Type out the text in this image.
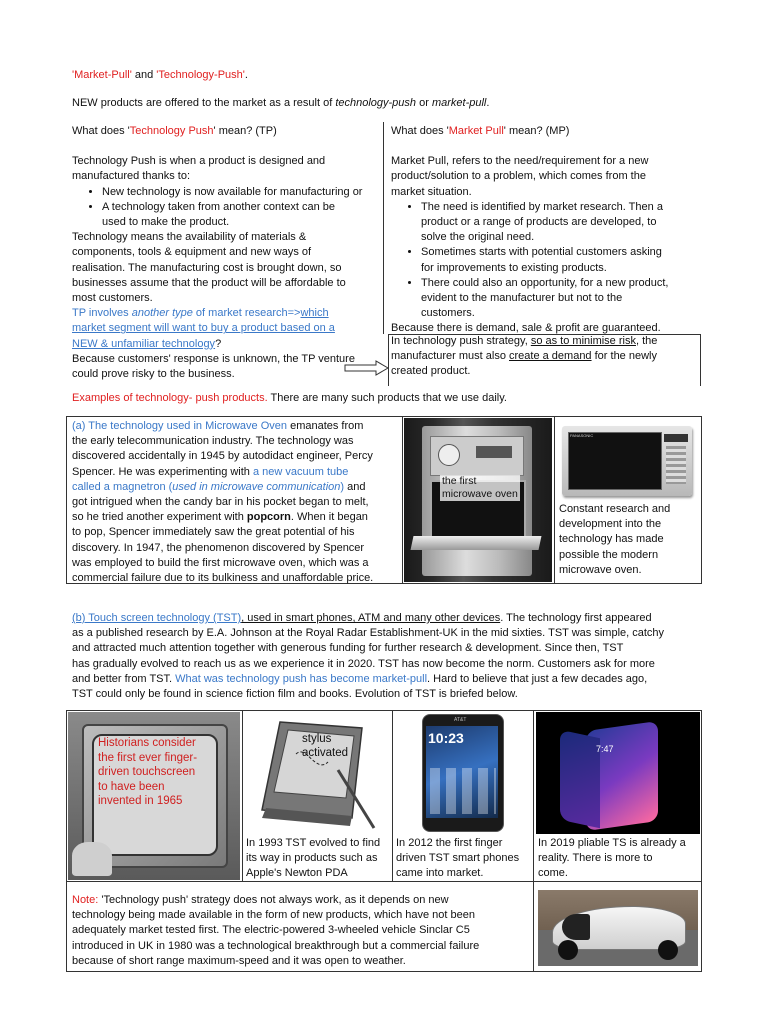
'Market-Pull' and 'Technology-Push'.
NEW products are offered to the market as a result of technology-push or market-pull.

What does 'Technology Push' mean? (TP)

Technology Push is when a product is designed and

manufactured thanks to:

• New technology is now available for manufacturing or
• A technology taken from another context can be
used to make the product.

Technology means the availability of materials &

components, tools & equipment and new ways of

realisation. The manufacturing cost is brought down, so

businesses assume that the product will be affordable to

most customers.

TP involves another type of market research=>which

market segment will want to buy a product based on a

NEW & unfamiliar technology?

Because customers' response is unknown, the TP venture

could prove risky to the business.

What does 'Market Pull' mean? (MP)

Market Pull, refers to the need/requirement for a new

product/solution to a problem, which comes from the

market situation.

• The need is identified by market research. Then a
product or a range of products are developed, to
solve the original need.
• Sometimes starts with potential customers asking
for improvements to existing products.
• There could also an opportunity, for a new product,
evident to the manufacturer but not to the
customers.

Because there is demand, sale & profit are guaranteed.

In technology push strategy, so as to minimise risk, the

manufacturer must also create a demand for the newly

created product.

Examples of technology- push products. There are many such products that we use daily.

(a) The technology used in Microwave Oven emanates from

the early telecommunication industry. The technology was

discovered accidentally in 1945 by autodidact engineer, Percy

Spencer. He was experimenting with a new vacuum tube

called a magnetron (used in microwave communication) and

got intrigued when the candy bar in his pocket began to melt,

so he tried another experiment with popcorn. When it began

to pop, Spencer immediately saw the great potential of his

discovery. In 1947, the phenomenon discovered by Spencer

was employed to build the first microwave oven, which was a

commercial failure due to its bulkiness and unaffordable price.

the first
microwave oven
PANASONIC

Constant research and

development into the

technology has made

possible the modern

microwave oven.

(b) Touch screen technology (TST), used in smart phones, ATM and many other devices. The technology first appeared

as a published research by E.A. Johnson at the Royal Radar Establishment-UK in the mid sixties. TST was simple, catchy

and attracted much attention together with generous funding for further research & development. Since then, TST

has gradually evolved to reach us as we experience it in 2020. TST has now become the norm. Customers ask for more

and better from TST. What was technology push has become market-pull. Hard to believe that just a few decades ago,

TST could only be found in science fiction film and books. Evolution of TST is briefed below.

Historians consider
the first ever finger-
driven touchscreen
to have been
invented in 1965
stylus
activated

In 1993 TST evolved to find

its way in products such as

Apple's Newton PDA

AT&T
10:23

In 2012 the first finger

driven TST smart phones

came into market.

7:47

In 2019 pliable TS is already a

reality. There is more to

come.

Note: 'Technology push' strategy does not always work, as it depends on new

technology being made available in the form of new products, which have not been

adequately market tested first. The electric-powered 3-wheeled vehicle Sinclar C5

introduced in UK in 1980 was a technological breakthrough but a commercial failure

because of short range maximum-speed and it was open to weather.
